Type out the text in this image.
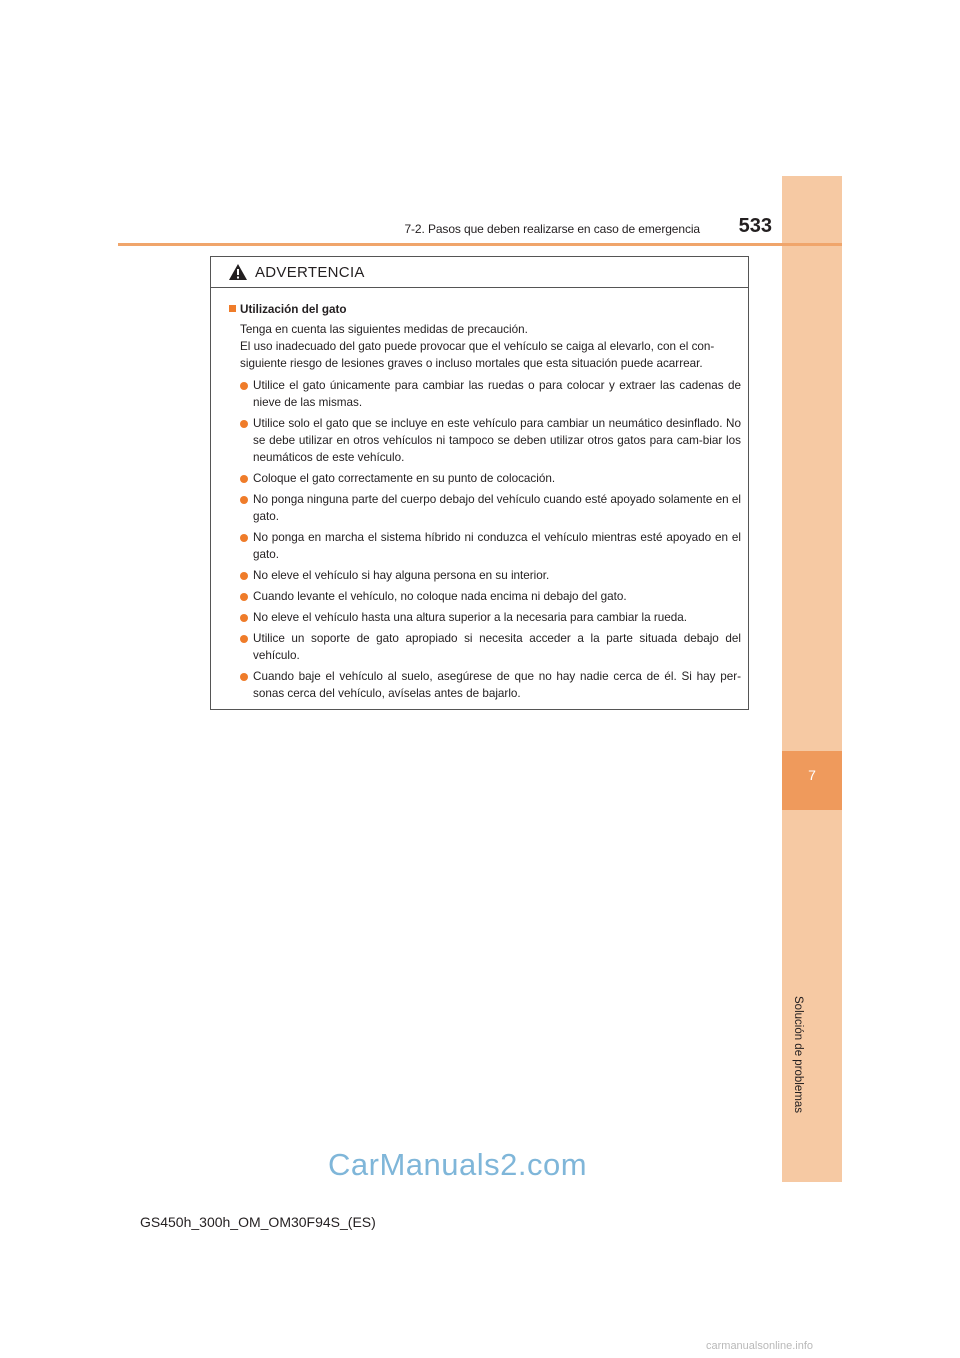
7
Solución de problemas
7-2. Pasos que deben realizarse en caso de emergencia	533
ADVERTENCIA
Utilización del gato

Tenga en cuenta las siguientes medidas de precaución.

El uso inadecuado del gato puede provocar que el vehículo se caiga al elevarlo, con el con-siguiente riesgo de lesiones graves o incluso mortales que esta situación puede acarrear.

Utilice el gato únicamente para cambiar las ruedas o para colocar y extraer las cadenas de nieve de las mismas.
Utilice solo el gato que se incluye en este vehículo para cambiar un neumático desinflado. No se debe utilizar en otros vehículos ni tampoco se deben utilizar otros gatos para cam-biar los neumáticos de este vehículo.
Coloque el gato correctamente en su punto de colocación.
No ponga ninguna parte del cuerpo debajo del vehículo cuando esté apoyado solamente en el gato.
No ponga en marcha el sistema híbrido ni conduzca el vehículo mientras esté apoyado en el gato.
No eleve el vehículo si hay alguna persona en su interior.
Cuando levante el vehículo, no coloque nada encima ni debajo del gato.
No eleve el vehículo hasta una altura superior a la necesaria para cambiar la rueda.
Utilice un soporte de gato apropiado si necesita acceder a la parte situada debajo del vehículo.
Cuando baje el vehículo al suelo, asegúrese de que no hay nadie cerca de él. Si hay per-sonas cerca del vehículo, avíselas antes de bajarlo.
CarManuals2.com
GS450h_300h_OM_OM30F94S_(ES)
carmanualsonline.info
